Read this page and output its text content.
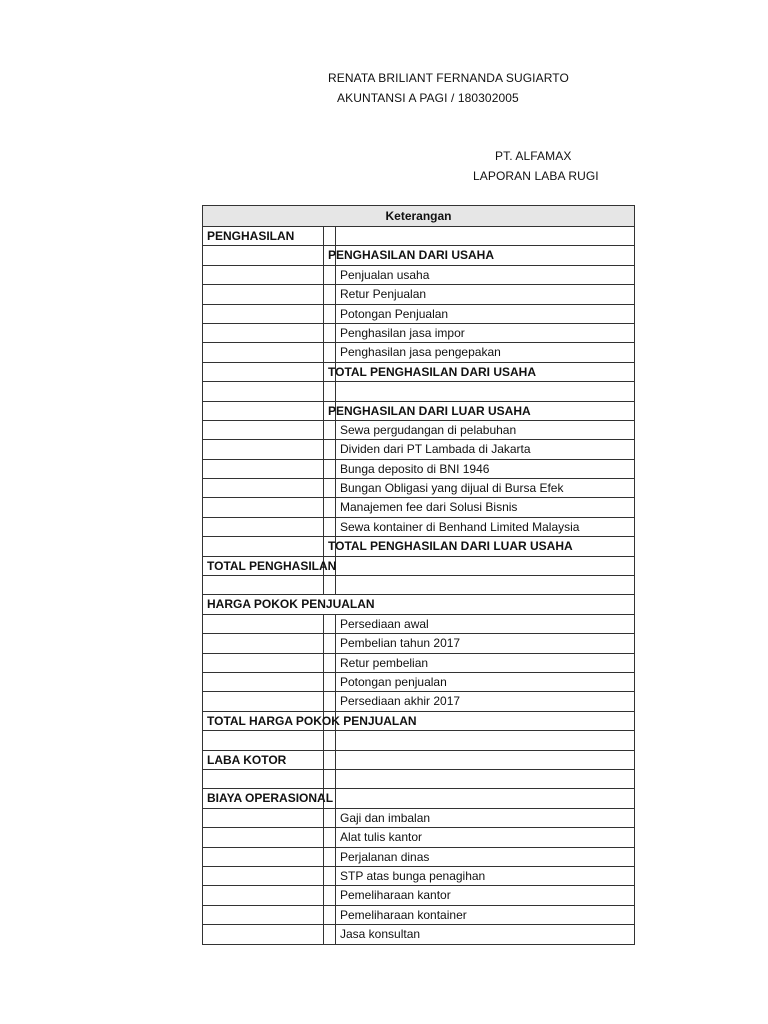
RENATA BRILIANT FERNANDA SUGIARTO
AKUNTANSI A PAGI / 180302005
PT. ALFAMAX
LAPORAN LABA RUGI
Keterangan
PENGHASILAN
PENGHASILAN DARI USAHA
Penjualan usaha
Retur Penjualan
Potongan Penjualan
Penghasilan jasa impor
Penghasilan jasa pengepakan
TOTAL PENGHASILAN DARI USAHA
PENGHASILAN DARI LUAR USAHA
Sewa pergudangan di pelabuhan
Dividen dari PT Lambada di Jakarta
Bunga deposito di BNI 1946
Bungan Obligasi yang dijual di Bursa Efek
Manajemen fee dari Solusi Bisnis
Sewa kontainer di Benhand Limited Malaysia
TOTAL PENGHASILAN DARI LUAR USAHA
TOTAL PENGHASILAN
HARGA POKOK PENJUALAN
Persediaan awal
Pembelian tahun 2017
Retur pembelian
Potongan penjualan
Persediaan akhir 2017
TOTAL HARGA POKOK PENJUALAN
LABA KOTOR
BIAYA OPERASIONAL
Gaji dan imbalan
Alat tulis kantor
Perjalanan dinas
STP atas bunga penagihan
Pemeliharaan kantor
Pemeliharaan kontainer
Jasa konsultan
